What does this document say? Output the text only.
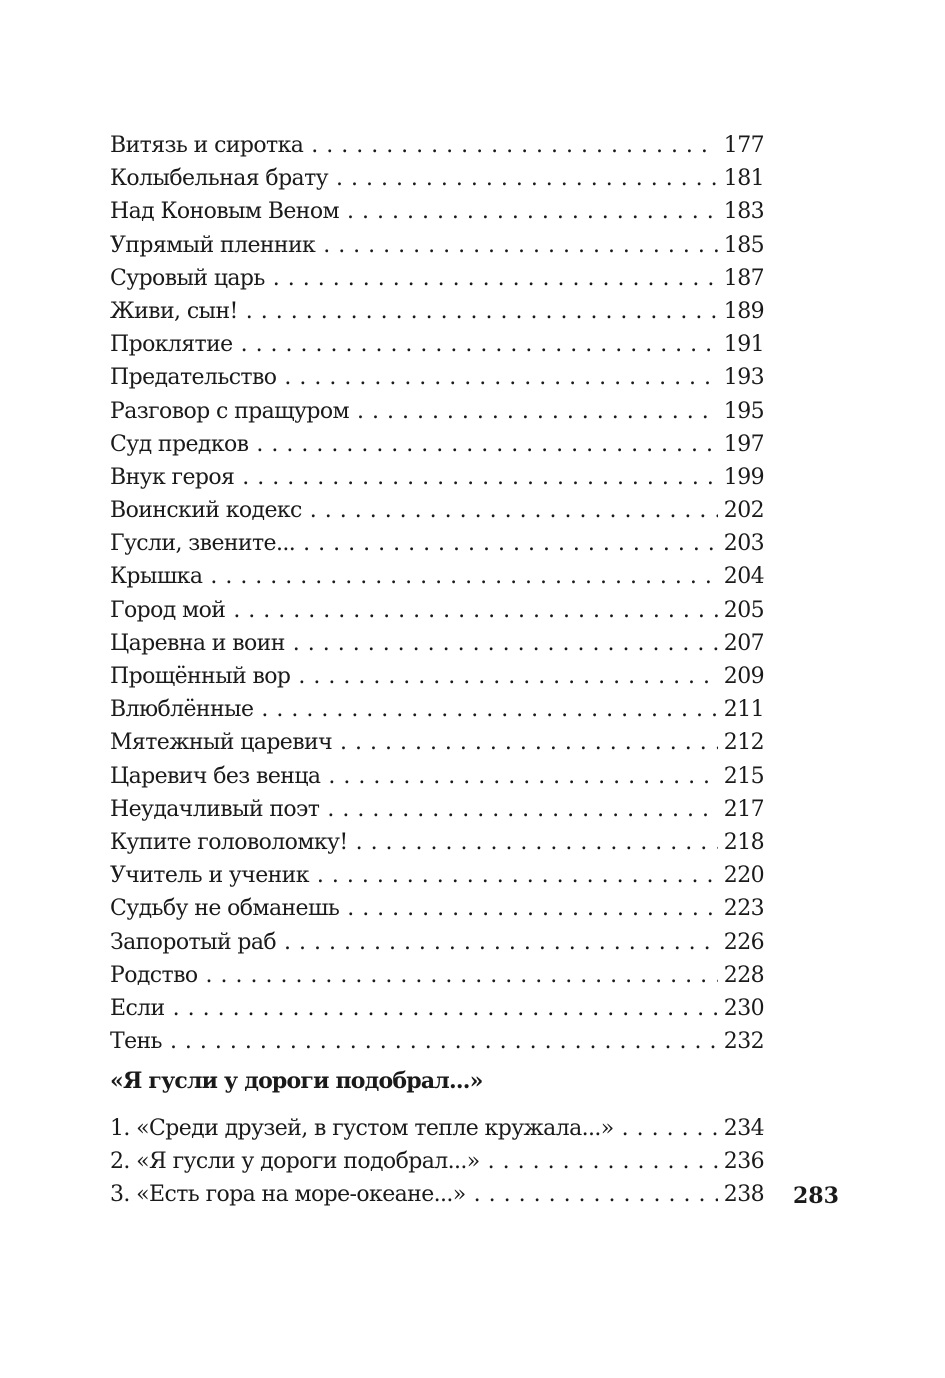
Витязь и сиротка . . .	177
Колыбельная брату . . .	181
Над Коновым Веном . . .	183
Упрямый пленник . . .	185
Суровый царь . . .	187
Живи, сын! . . .	189
Проклятие . . .	191
Предательство . . .	193
Разговор с пращуром . . .	195
Суд предков . . .	197
Внук героя . . .	199
Воинский кодекс . . .	202
Гусли, звените... . . .	203
Крышка . . .	204
Город мой . . .	205
Царевна и воин . . .	207
Прощённый вор . . .	209
Влюблённые . . .	211
Мятежный царевич . . .	212
Царевич без венца . . .	215
Неудачливый поэт . . .	217
Купите головоломку! . . .	218
Учитель и ученик . . .	220
Судьбу не обманешь . . .	223
Запоротый раб . . .	226
Родство . . .	228
Если . . .	230
Тень . . .	232
«Я гусли у дороги подобрал...»
1. «Среди друзей, в густом тепле кружала...» . . .	234
2. «Я гусли у дороги подобрал...» . . .	236
3. «Есть гора на море-океане...» . . .	238 283
